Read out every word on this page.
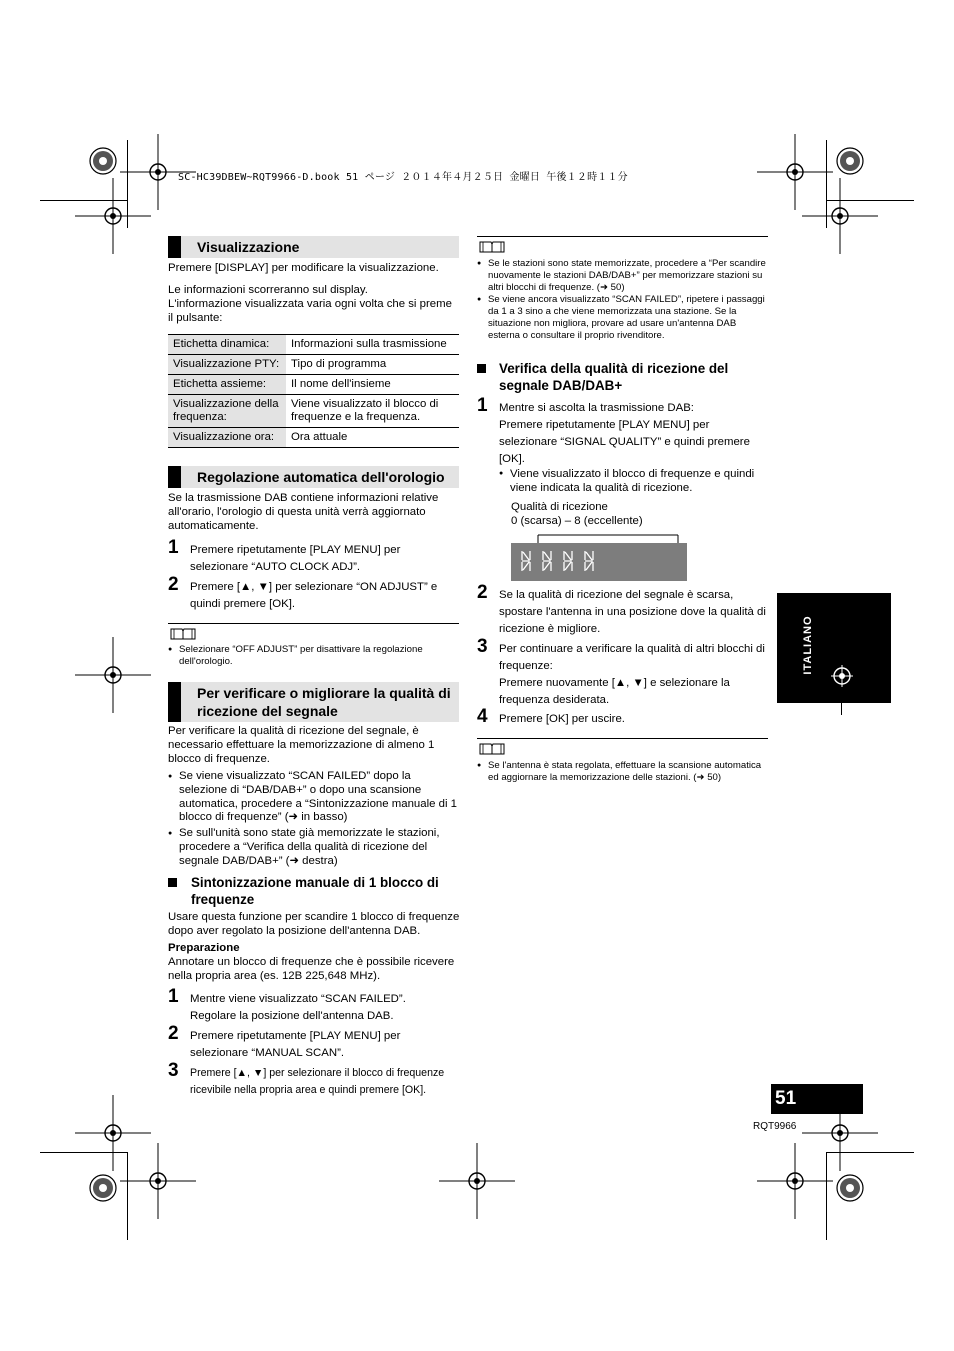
SC-HC39DBEW~RQT9966-D.book 51 ページ ２０１４年４月２５日 金曜日 午後１２時１１分
Visualizzazione
Premere [DISPLAY] per modificare la visualizzazione.
Le informazioni scorreranno sul display.
L'informazione visualizzata varia ogni volta che si preme il pulsante:
Etichetta dinamica:	Informazioni sulla trasmissione
Visualizzazione PTY:	Tipo di programma
Etichetta assieme:	Il nome dell'insieme
Visualizzazione della frequenza:	Viene visualizzato il blocco di frequenze e la frequenza.
Visualizzazione ora:	Ora attuale
Regolazione automatica dell'orologio
Se la trasmissione DAB contiene informazioni relative all'orario, l'orologio di questa unità verrà aggiornato automaticamente.
1 Premere ripetutamente [PLAY MENU] per selezionare “AUTO CLOCK ADJ”.
2 Premere [▲, ▼] per selezionare “ON ADJUST” e quindi premere [OK].
● Selezionare “OFF ADJUST” per disattivare la regolazione dell'orologio.
Per verificare o migliorare la qualità di ricezione del segnale
Per verificare la qualità di ricezione del segnale, è necessario effettuare la memorizzazione di almeno 1 blocco di frequenze.
● Se viene visualizzato “SCAN FAILED” dopo la selezione di “DAB/DAB+” o dopo una scansione automatica, procedere a “Sintonizzazione manuale di 1 blocco di frequenze” (➜ in basso)
● Se sull'unità sono state già memorizzate le stazioni, procedere a “Verifica della qualità di ricezione del segnale DAB/DAB+” (➜ destra)
Sintonizzazione manuale di 1 blocco di frequenze
Usare questa funzione per scandire 1 blocco di frequenze dopo aver regolato la posizione dell'antenna DAB.
Preparazione
Annotare un blocco di frequenze che è possibile ricevere nella propria area (es. 12B 225,648 MHz).
1 Mentre viene visualizzato “SCAN FAILED”.
Regolare la posizione dell'antenna DAB.
2 Premere ripetutamente [PLAY MENU] per selezionare “MANUAL SCAN”.
3 Premere [▲, ▼] per selezionare il blocco di frequenze ricevibile nella propria area e quindi premere [OK].
● Se le stazioni sono state memorizzate, procedere a “Per scandire nuovamente le stazioni DAB/DAB+” per memorizzare stazioni su altri blocchi di frequenze. (➜ 50)
● Se viene ancora visualizzato “SCAN FAILED”, ripetere i passaggi da 1 a 3 sino a che viene memorizzata una stazione. Se la situazione non migliora, provare ad usare un'antenna DAB esterna o consultare il proprio rivenditore.
Verifica della qualità di ricezione del segnale DAB/DAB+
1 Mentre si ascolta la trasmissione DAB:
Premere ripetutamente [PLAY MENU] per selezionare “SIGNAL QUALITY” e quindi premere [OK].
● Viene visualizzato il blocco di frequenze e quindi viene indicata la qualità di ricezione.
Qualità di ricezione
0 (scarsa) – 8 (eccellente)
2 Se la qualità di ricezione del segnale è scarsa, spostare l'antenna in una posizione dove la qualità di ricezione è migliore.
3 Per continuare a verificare la qualità di altri blocchi di frequenze:
Premere nuovamente [▲, ▼] e selezionare la frequenza desiderata.
4 Premere [OK] per uscire.
● Se l'antenna è stata regolata, effettuare la scansione automatica ed aggiornare la memorizzazione delle stazioni. (➜ 50)
ITALIANO
51
RQT9966
